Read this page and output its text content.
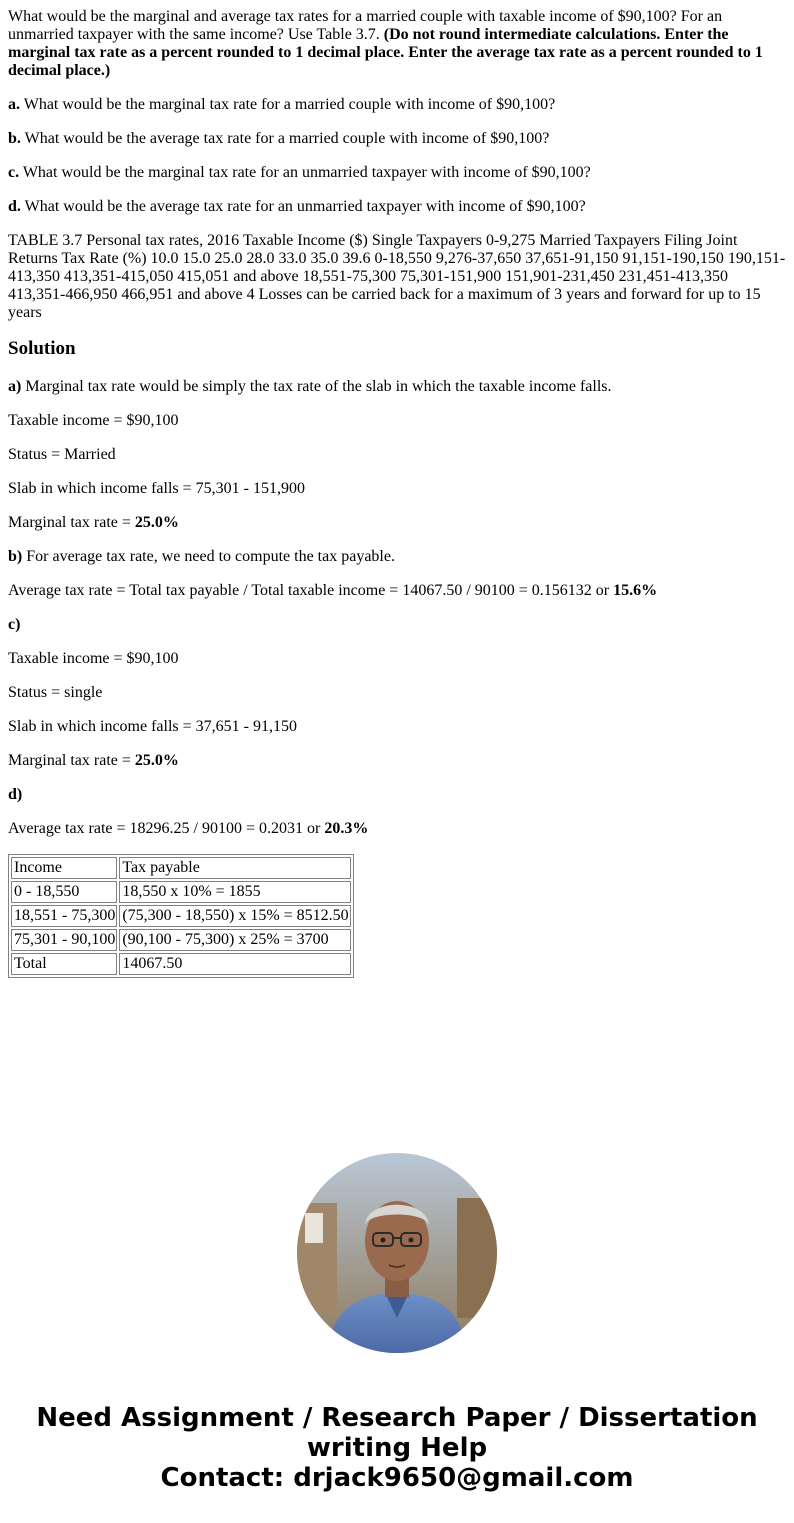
What would be the marginal and average tax rates for a married couple with taxable income of $90,100? For an unmarried taxpayer with the same income? Use Table 3.7. (Do not round intermediate calculations. Enter the marginal tax rate as a percent rounded to 1 decimal place. Enter the average tax rate as a percent rounded to 1 decimal place.)

a. What would be the marginal tax rate for a married couple with income of $90,100?

b. What would be the average tax rate for a married couple with income of $90,100?

c. What would be the marginal tax rate for an unmarried taxpayer with income of $90,100?

d. What would be the average tax rate for an unmarried taxpayer with income of $90,100?

TABLE 3.7 Personal tax rates, 2016 Taxable Income ($) Single Taxpayers 0-9,275 Married Taxpayers Filing Joint Returns Tax Rate (%) 10.0 15.0 25.0 28.0 33.0 35.0 39.6 0-18,550 9,276-37,650 37,651-91,150 91,151-190,150 190,151-413,350 413,351-415,050 415,051 and above 18,551-75,300 75,301-151,900 151,901-231,450 231,451-413,350 413,351-466,950 466,951 and above 4 Losses can be carried back for a maximum of 3 years and forward for up to 15 years

Solution

a) Marginal tax rate would be simply the tax rate of the slab in which the taxable income falls.

Taxable income = $90,100

Status = Married

Slab in which income falls = 75,301 - 151,900

Marginal tax rate = 25.0%

b) For average tax rate, we need to compute the tax payable.

Average tax rate = Total tax payable / Total taxable income = 14067.50 / 90100 = 0.156132 or 15.6%

c)

Taxable income = $90,100

Status = single

Slab in which income falls = 37,651 - 91,150

Marginal tax rate = 25.0%

d)

Average tax rate = 18296.25 / 90100 = 0.2031 or 20.3%

Income	Tax payable
0 - 18,550	18,550 x 10% = 1855
18,551 - 75,300	(75,300 - 18,550) x 15% = 8512.50
75,301 - 90,100	(90,100 - 75,300) x 25% = 3700
Total	14067.50
Need Assignment / Research Paper / Dissertation
writing Help
Contact: drjack9650@gmail.com
